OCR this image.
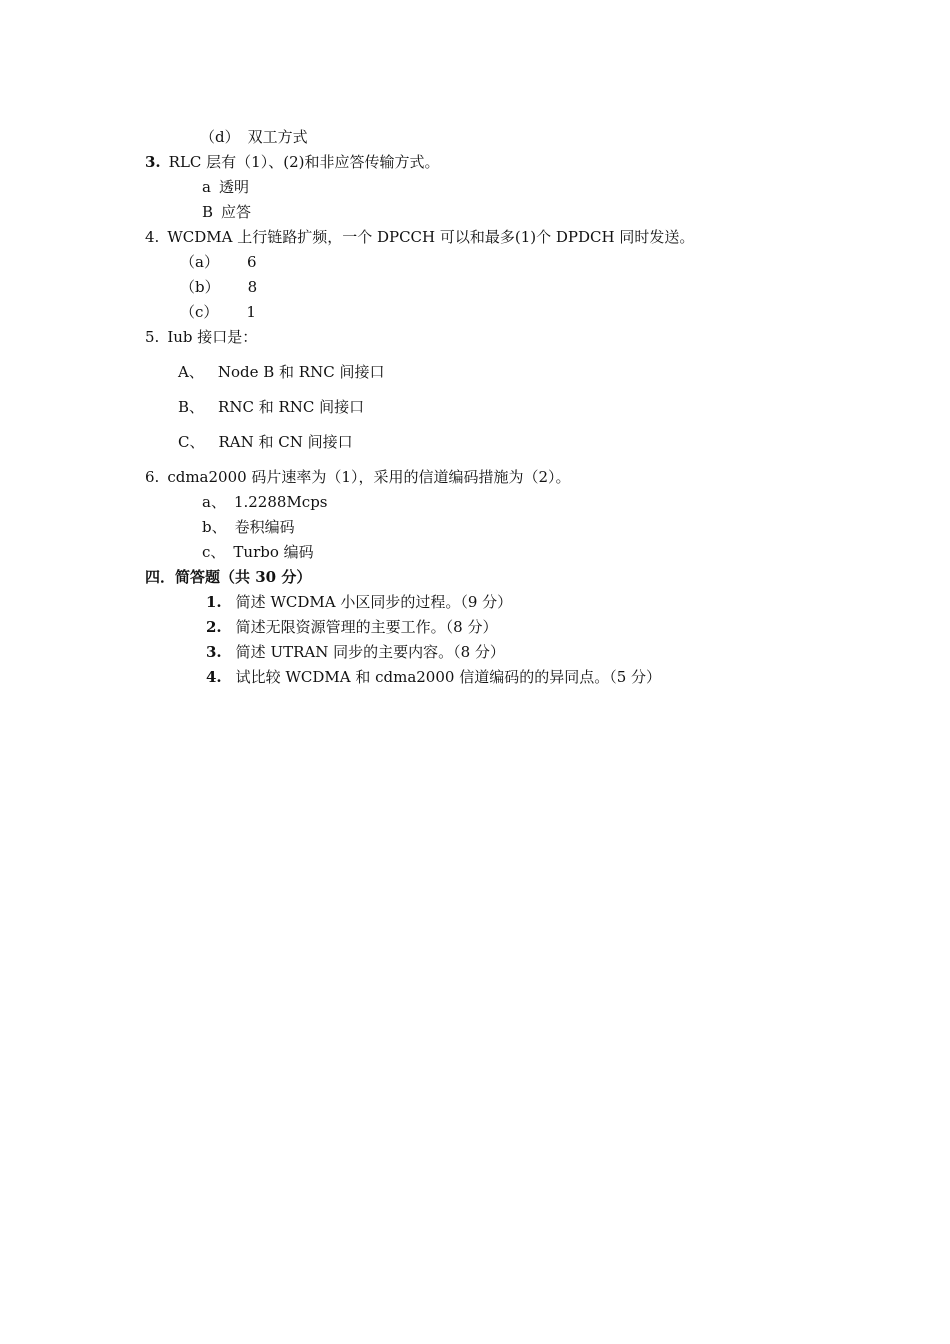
（d） 双工方式
3. RLC 层有（1）、(2)和非应答传输方式。
a 透明
B 应答
4. WCDMA 上行链路扩频，一个 DPCCH 可以和最多(1)个 DPDCH 同时发送。
（a） 6
（b） 8
（c） 1
5. Iub 接口是：
A、 Node B 和 RNC 间接口
B、 RNC 和 RNC 间接口
C、 RAN 和 CN 间接口
6. cdma2000 码片速率为（1），采用的信道编码措施为（2）。
a、 1.2288Mcps
b、 卷积编码
c、 Turbo 编码
四．简答题（共 30 分）
1. 简述 WCDMA 小区同步的过程。（9 分）
2. 简述无限资源管理的主要工作。（8 分）
3. 简述 UTRAN 同步的主要内容。（8 分）
4. 试比较 WCDMA 和 cdma2000 信道编码的的异同点。（5 分）
